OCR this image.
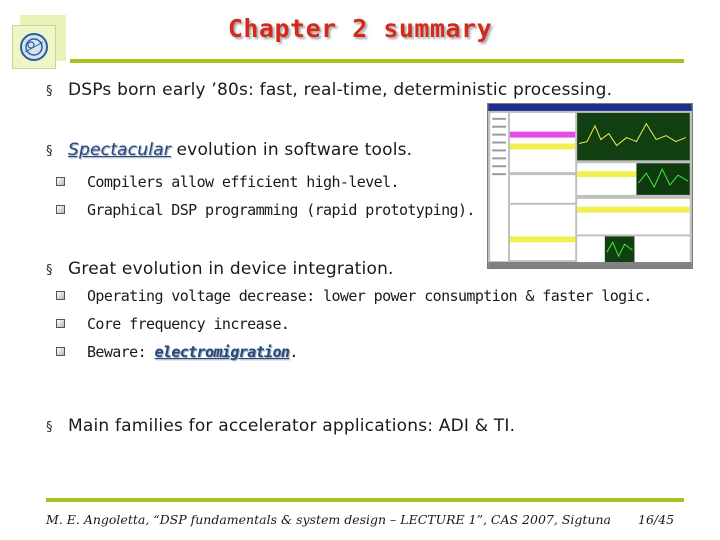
Chapter 2 summary
§ DSPs born early ’80s: fast, real-time, deterministic processing.
§ Spectacular evolution in software tools.
Compilers allow efficient high-level.
Graphical DSP programming (rapid prototyping).
§ Great evolution in device integration.
Operating voltage decrease: lower power consumption & faster logic.
Core frequency increase.
Beware: electromigration.
§ Main families for accelerator applications: ADI & TI.
M. E. Angoletta, “DSP fundamentals & system design – LECTURE 1”, CAS 2007, Sigtuna 16/45
